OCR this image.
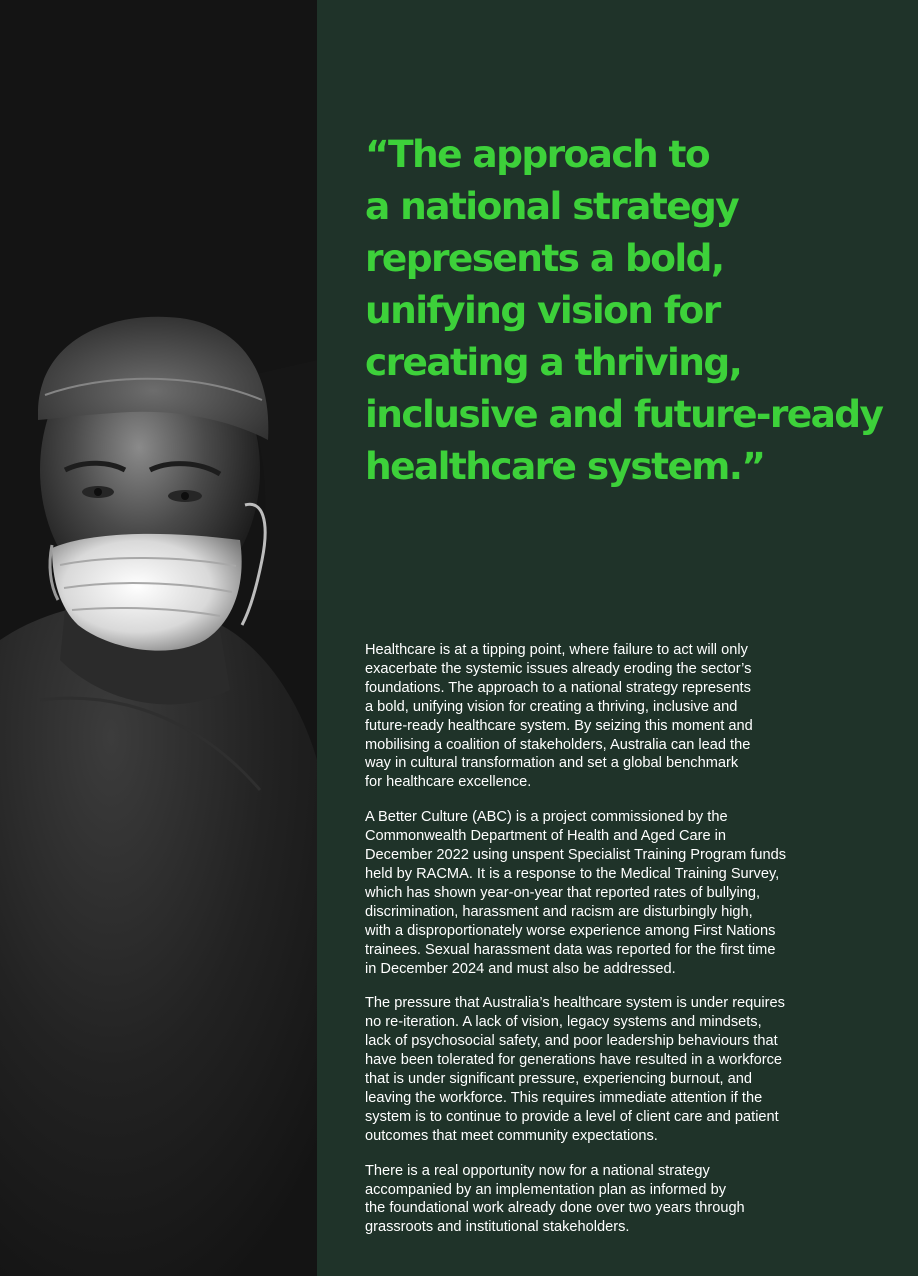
“The approach to
a national strategy
represents a bold,
unifying vision for
creating a thriving,
inclusive and future-ready
healthcare system.”

Healthcare is at a tipping point, where failure to act will only
exacerbate the systemic issues already eroding the sector’s
foundations. The approach to a national strategy represents
a bold, unifying vision for creating a thriving, inclusive and
future-ready healthcare system. By seizing this moment and
mobilising a coalition of stakeholders, Australia can lead the
way in cultural transformation and set a global benchmark
for healthcare excellence.

A Better Culture (ABC) is a project commissioned by the
Commonwealth Department of Health and Aged Care in
December 2022 using unspent Specialist Training Program funds
held by RACMA. It is a response to the Medical Training Survey,
which has shown year-on-year that reported rates of bullying,
discrimination, harassment and racism are disturbingly high,
with a disproportionately worse experience among First Nations
trainees. Sexual harassment data was reported for the first time
in December 2024 and must also be addressed.

The pressure that Australia’s healthcare system is under requires
no re-iteration. A lack of vision, legacy systems and mindsets,
lack of psychosocial safety, and poor leadership behaviours that
have been tolerated for generations have resulted in a workforce
that is under significant pressure, experiencing burnout, and
leaving the workforce. This requires immediate attention if the
system is to continue to provide a level of client care and patient
outcomes that meet community expectations.

There is a real opportunity now for a national strategy
accompanied by an implementation plan as informed by
the foundational work already done over two years through
grassroots and institutional stakeholders.
